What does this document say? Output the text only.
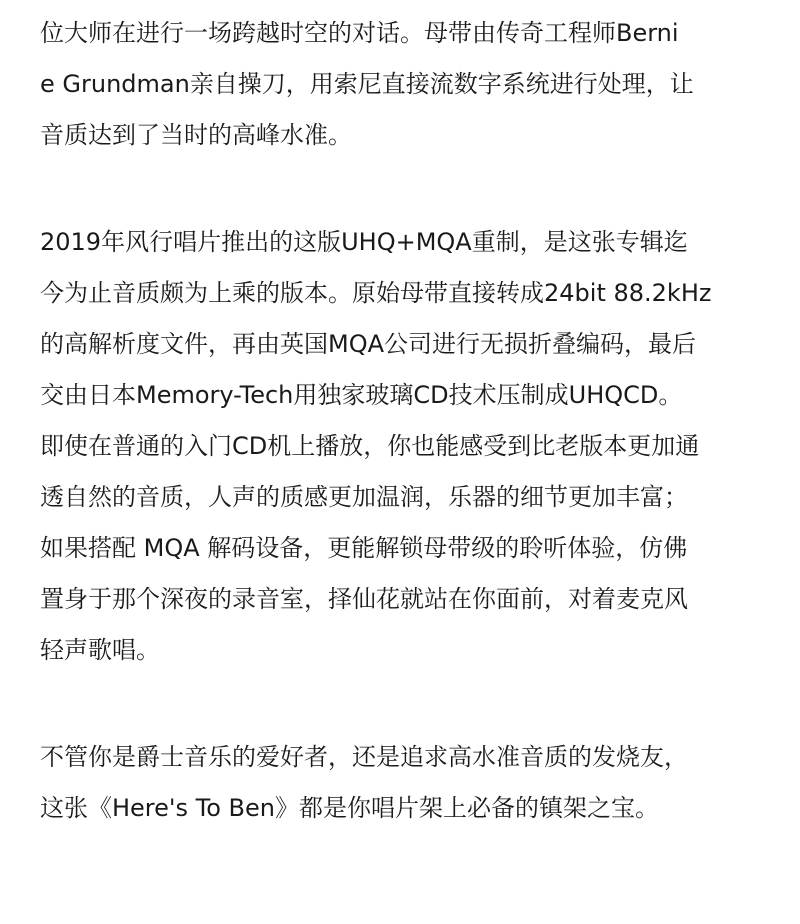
位大师在进行一场跨越时空的对话。母带由传奇工程师Berni
e Grundman亲自操刀，用索尼直接流数字系统进行处理，让
音质达到了当时的高峰水准。
2019年风行唱片推出的这版UHQ+MQA重制，是这张专辑迄
今为止音质颇为上乘的版本。原始母带直接转成24bit 88.2kHz
的高解析度文件，再由英国MQA公司进行无损折叠编码，最后
交由日本Memory-Tech用独家玻璃CD技术压制成UHQCD。
即使在普通的入门CD机上播放，你也能感受到比老版本更加通
透自然的音质，人声的质感更加温润，乐器的细节更加丰富；
如果搭配 MQA 解码设备，更能解锁母带级的聆听体验，仿佛
置身于那个深夜的录音室，择仙花就站在你面前，对着麦克风
轻声歌唱。
不管你是爵士音乐的爱好者，还是追求高水准音质的发烧友，
这张《Here's To Ben》都是你唱片架上必备的镇架之宝。
